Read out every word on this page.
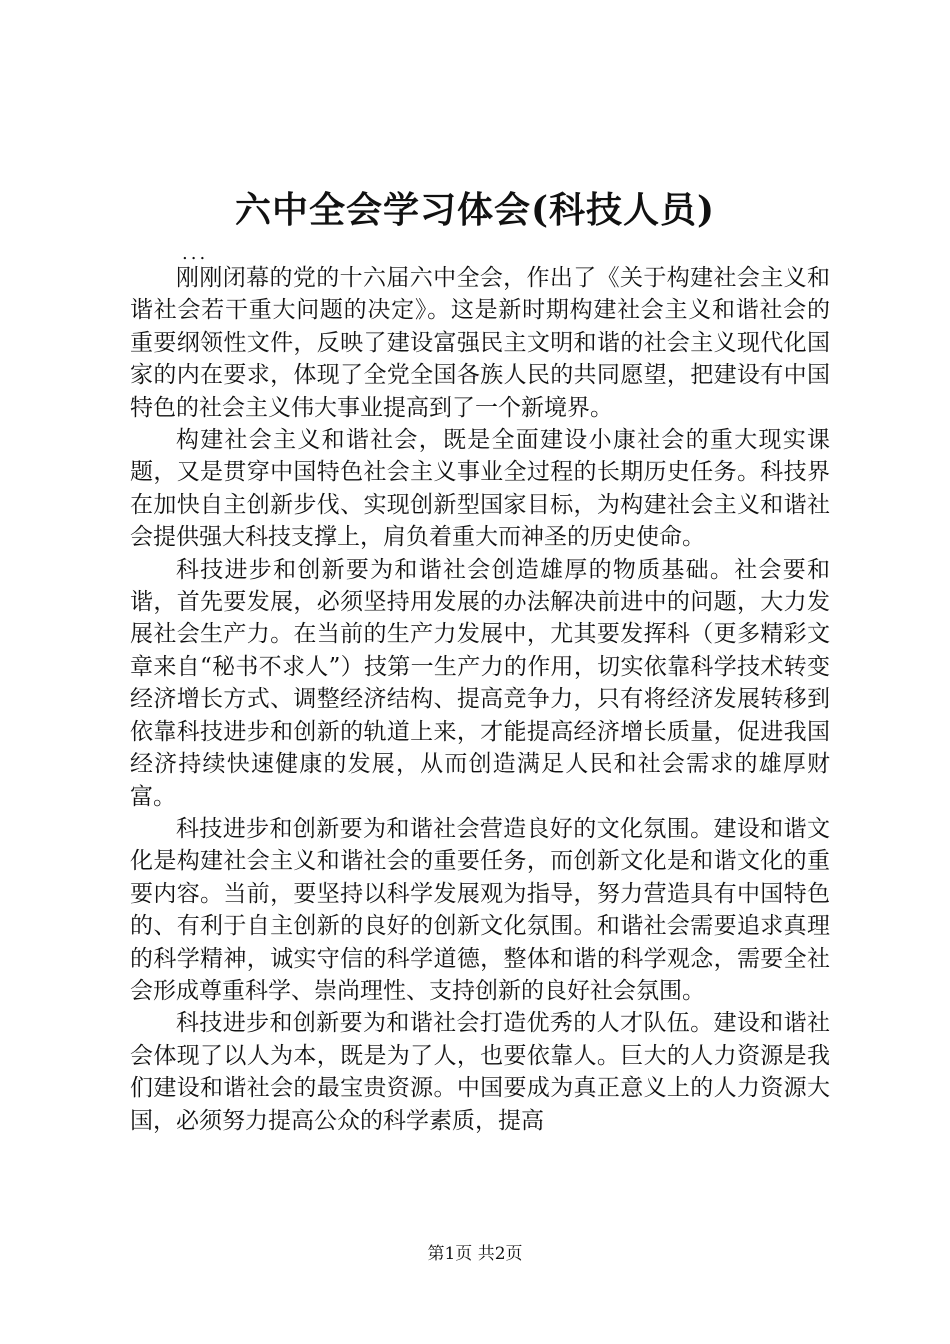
六中全会学习体会(科技人员)
...

刚刚闭幕的党的十六届六中全会，作出了《关于构建社会主义和谐社会若干重大问题的决定》。这是新时期构建社会主义和谐社会的重要纲领性文件，反映了建设富强民主文明和谐的社会主义现代化国家的内在要求，体现了全党全国各族人民的共同愿望，把建设有中国特色的社会主义伟大事业提高到了一个新境界。

构建社会主义和谐社会，既是全面建设小康社会的重大现实课题，又是贯穿中国特色社会主义事业全过程的长期历史任务。科技界在加快自主创新步伐、实现创新型国家目标，为构建社会主义和谐社会提供强大科技支撑上，肩负着重大而神圣的历史使命。

科技进步和创新要为和谐社会创造雄厚的物质基础。社会要和谐，首先要发展，必须坚持用发展的办法解决前进中的问题，大力发展社会生产力。在当前的生产力发展中，尤其要发挥科（更多精彩文章来自“秘书不求人”）技第一生产力的作用，切实依靠科学技术转变经济增长方式、调整经济结构、提高竞争力，只有将经济发展转移到依靠科技进步和创新的轨道上来，才能提高经济增长质量，促进我国经济持续快速健康的发展，从而创造满足人民和社会需求的雄厚财富。

科技进步和创新要为和谐社会营造良好的文化氛围。建设和谐文化是构建社会主义和谐社会的重要任务，而创新文化是和谐文化的重要内容。当前，要坚持以科学发展观为指导，努力营造具有中国特色的、有利于自主创新的良好的创新文化氛围。和谐社会需要追求真理的科学精神，诚实守信的科学道德，整体和谐的科学观念，需要全社会形成尊重科学、崇尚理性、支持创新的良好社会氛围。

科技进步和创新要为和谐社会打造优秀的人才队伍。建设和谐社会体现了以人为本，既是为了人，也要依靠人。巨大的人力资源是我们建设和谐社会的最宝贵资源。中国要成为真正意义上的人力资源大国，必须努力提高公众的科学素质，提高

第1页 共2页
